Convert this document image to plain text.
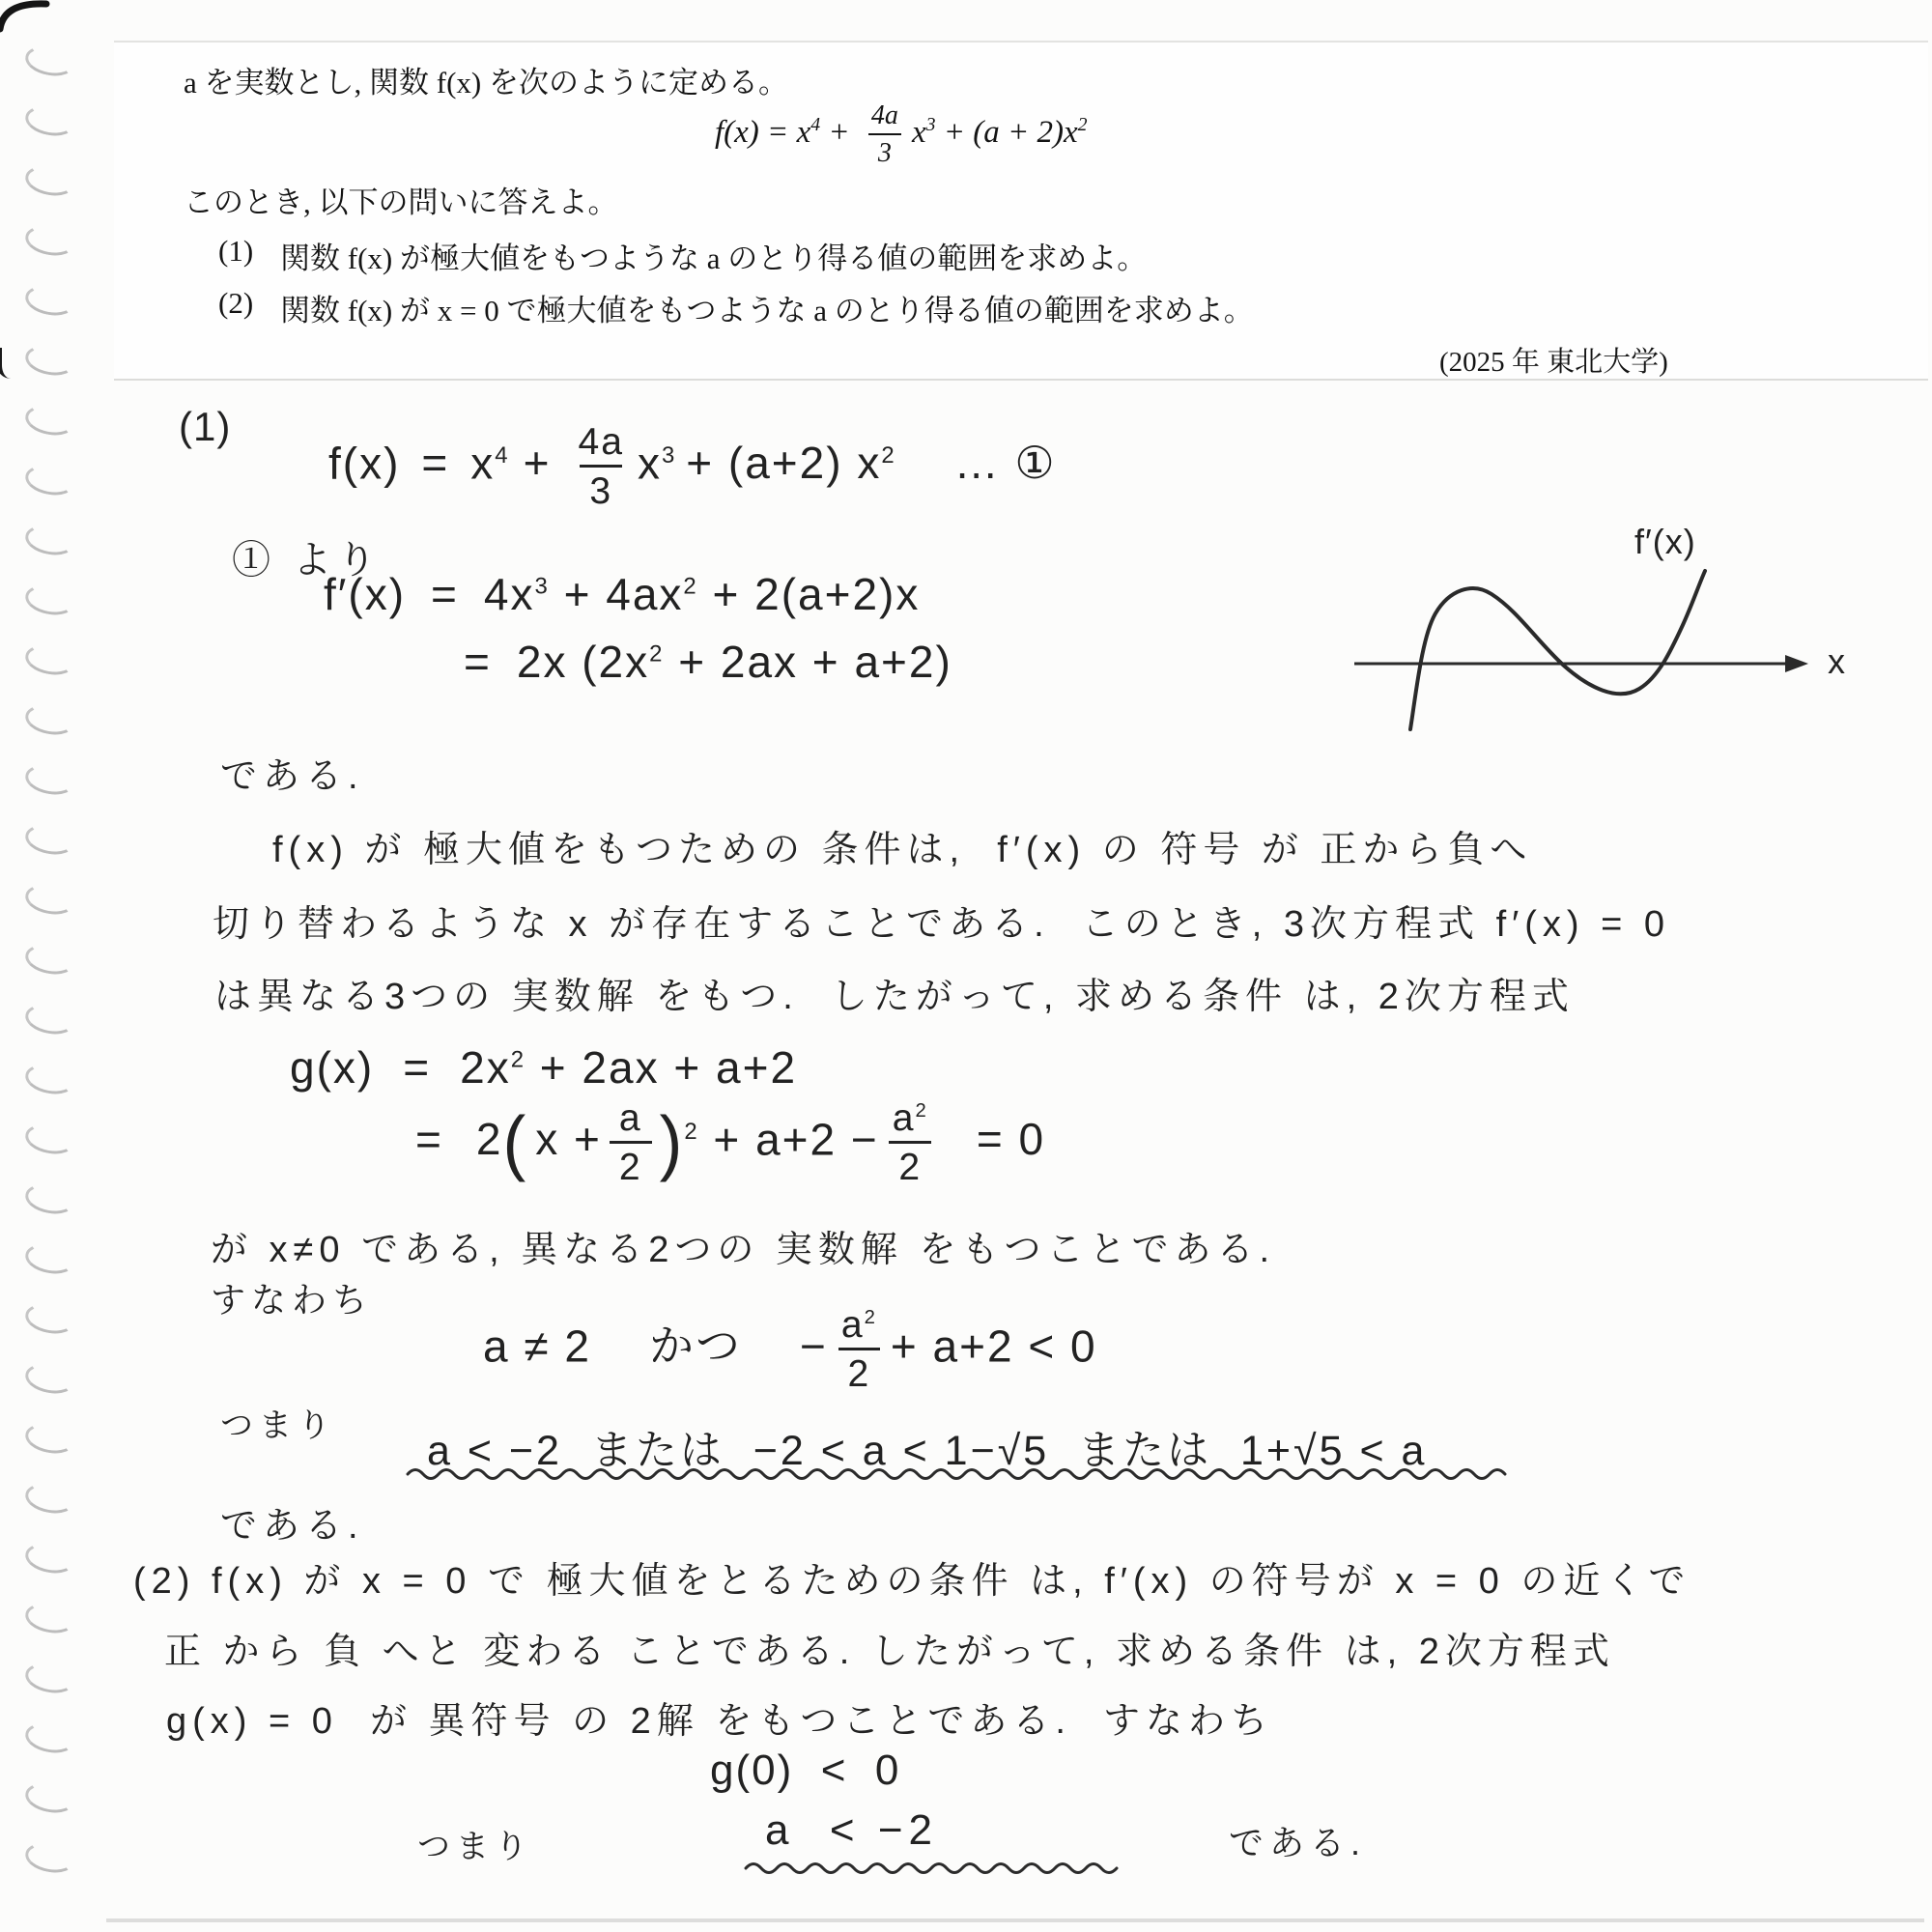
a を実数とし, 関数 f(x) を次のように定める。
$f(x) = x^4 + \frac{4a}{3} x^3 + (a + 2)x^2$
このとき, 以下の問いに答えよ。
(1) 関数 f(x) が極大値をもつような a のとり得る値の範囲を求めよ。
(2) 関数 f(x) が x = 0 で極大値をもつような a のとり得る値の範囲を求めよ。
(2025 年 東北大学)
(1)
$f(x) = x^4 + \frac{4a}{3} x^3 + (a+2)$ $x^2$ … ①
① より
$f'(x) = 4x^3 + 4ax^2 + 2(a+2)x$
= 2x $(2x^2 + 2ax + a+2)$
f′(x)
x
である.
f(x) が 極大値をもつための 条件は,  f′(x) の 符号 が 正から負へ
切り替わるような x が存在することである.  このとき, 3次方程式 f′(x) = 0
は異なる3つの 実数解 をもつ.  したがって, 求める条件 は, 2次方程式
$g(x) = 2x^2 + 2ax + a+2$
= 2( $x + \frac{a}{2} )^2 + a+2 - \frac{a^2}{2} = 0$
が x≠0 である, 異なる2つの 実数解 をもつことである.
すなわち
a ≠ 2 かつ − $\frac{a^2}{2} + a+2 < 0$
つまり
a < −2  または  −2 < a < 1−√5  または  1+√5 < a
である.
(2) f(x) が x = 0 で 極大値をとるための条件 は, f′(x) の符号が x = 0 の近くで
正 から 負 へと 変わる ことである. したがって, 求める条件 は, 2次方程式
g(x) = 0  が 異符号 の 2解 をもつことである.  すなわち
g(0)  <  0
つまり	a  < −2	である.
